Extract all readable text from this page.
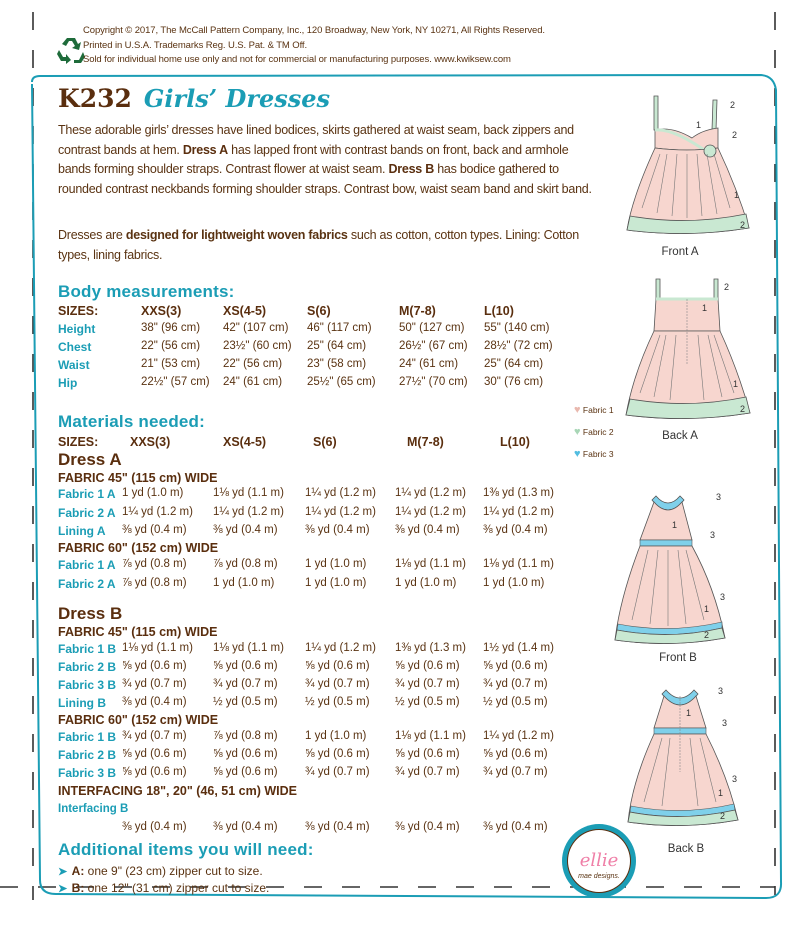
Copyright © 2017, The McCall Pattern Company, Inc., 120 Broadway, New York, NY 10271, All Rights Reserved.
Printed in U.S.A. Trademarks Reg. U.S. Pat. & TM Off.
Sold for individual home use only and not for commercial or manufacturing purposes. www.kwiksew.com
K232 Girls’ Dresses
These adorable girls’ dresses have lined bodices, skirts gathered at waist seam, back zippers and contrast bands at hem. Dress A has lapped front with contrast bands on front, back and armhole bands forming shoulder straps. Contrast flower at waist seam. Dress B has bodice gathered to rounded contrast neckbands forming shoulder straps. Contrast bow, waist seam band and skirt band.
Dresses are designed for lightweight woven fabrics such as cotton, cotton types. Lining: Cotton types, lining fabrics.
Body measurements:
SIZES:	XXS(3)	XS(4-5)	S(6)	M(7-8)	L(10)
Height	38" (96 cm) 42" (107 cm) 46" (117 cm) 50" (127 cm) 55" (140 cm)
Chest	22" (56 cm) 23½" (60 cm) 25" (64 cm)	26½" (67 cm) 28½" (72 cm)
Waist	21" (53 cm) 22" (56 cm) 23" (58 cm)	24" (61 cm) 25" (64 cm)
Hip	22½" (57 cm) 24" (61 cm) 25½" (65 cm) 27½" (70 cm) 30" (76 cm)
Materials needed:
SIZES:	XXS(3)	XS(4-5)	S(6)	M(7-8)	L(10)
Dress A
FABRIC 45" (115 cm) WIDE
Fabric 1 A 1 yd (1.0 m)	1⅛ yd (1.1 m) 1¼ yd (1.2 m) 1¼ yd (1.2 m) 1⅜ yd (1.3 m)
Fabric 2 A 1¼ yd (1.2 m) 1¼ yd (1.2 m) 1¼ yd (1.2 m) 1¼ yd (1.2 m) 1¼ yd (1.2 m)
Lining A ⅜ yd (0.4 m) ⅜ yd (0.4 m) ⅜ yd (0.4 m) ⅜ yd (0.4 m) ⅜ yd (0.4 m)
FABRIC 60" (152 cm) WIDE
Fabric 1 A ⅞ yd (0.8 m) ⅞ yd (0.8 m) 1 yd (1.0 m) 1⅛ yd (1.1 m) 1⅛ yd (1.1 m)
Fabric 2 A ⅞ yd (0.8 m) 1 yd (1.0 m)	1 yd (1.0 m) 1 yd (1.0 m) 1 yd (1.0 m)
Dress B
FABRIC 45" (115 cm) WIDE
Fabric 1 B 1⅛ yd (1.1 m) 1⅛ yd (1.1 m) 1¼ yd (1.2 m) 1⅜ yd (1.3 m) 1½ yd (1.4 m)
Fabric 2 B ⅝ yd (0.6 m) ⅝ yd (0.6 m) ⅝ yd (0.6 m) ⅝ yd (0.6 m) ⅝ yd (0.6 m)
Fabric 3 B ¾ yd (0.7 m) ¾ yd (0.7 m) ¾ yd (0.7 m) ¾ yd (0.7 m) ¾ yd (0.7 m)
Lining B ⅜ yd (0.4 m) ½ yd (0.5 m) ½ yd (0.5 m) ½ yd (0.5 m) ½ yd (0.5 m)
FABRIC 60" (152 cm) WIDE
Fabric 1 B ¾ yd (0.7 m) ⅞ yd (0.8 m) 1 yd (1.0 m) 1⅛ yd (1.1 m) 1¼ yd (1.2 m)
Fabric 2 B ⅝ yd (0.6 m) ⅝ yd (0.6 m) ⅝ yd (0.6 m) ⅝ yd (0.6 m) ⅝ yd (0.6 m)
Fabric 3 B ⅝ yd (0.6 m) ⅝ yd (0.6 m) ¾ yd (0.7 m) ¾ yd (0.7 m) ¾ yd (0.7 m)
INTERFACING 18", 20" (46, 51 cm) WIDE
Interfacing B
⅜ yd (0.4 m) ⅜ yd (0.4 m) ⅜ yd (0.4 m) ⅜ yd (0.4 m) ⅜ yd (0.4 m)
Additional items you will need:
➤ A: one 9" (23 cm) zipper cut to size.
➤ B: one 12" (31 cm) zipper cut to size.
♥ Fabric 1
♥ Fabric 2
♥ Fabric 3
2
1
2
1
2
Front A
2
1
1
2
Back A
3
1
3
3
1
2
Front B
3
1
3
3
1
2
Back B
ellie
mae designs.
